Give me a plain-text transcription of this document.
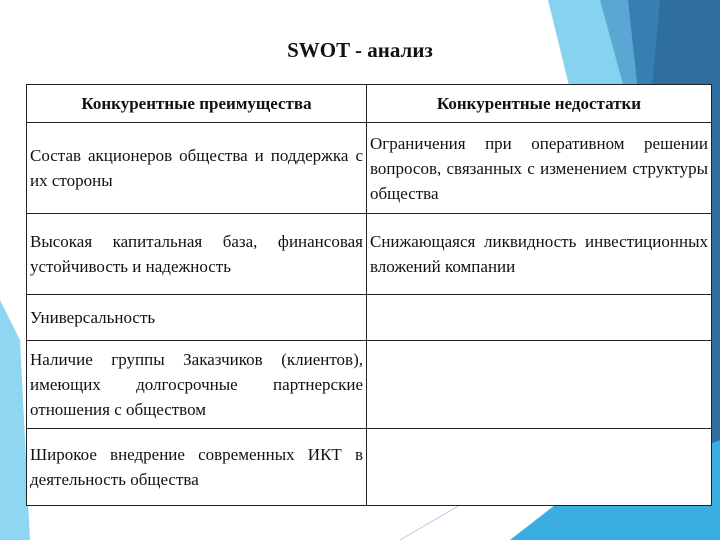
SWOT - анализ
Конкурентные преимущества	Конкурентные недостатки
Состав акционеров общества и поддержка с их стороны	Ограничения при оперативном решении вопросов, связанных с изменением структуры общества
Высокая капитальная база, финансовая устойчивость и надежность	Снижающаяся ликвидность инвестиционных вложений компании
Универсальность	
Наличие группы Заказчиков (клиентов), имеющих долгосрочные партнерские отношения с обществом	
Широкое внедрение современных ИКТ в деятельность общества	
